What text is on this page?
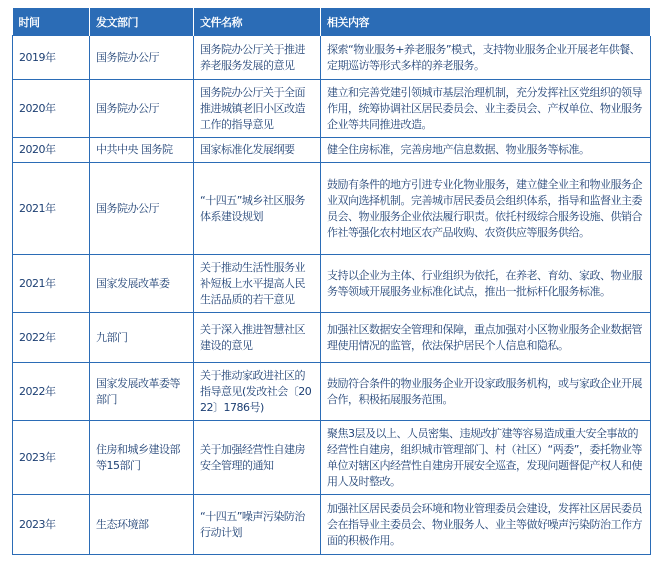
时间	发文部门	文件名称	相关内容
2019年	国务院办公厅	国务院办公厅关于推进养老服务发展的意见	探索“物业服务+养老服务”模式，支持物业服务企业开展老年供餐、定期巡访等形式多样的养老服务。
2020年	国务院办公厅	国务院办公厅关于全面推进城镇老旧小区改造工作的指导意见	建立和完善党建引领城市基层治理机制，充分发挥社区党组织的领导作用，统筹协调社区居民委员会、业主委员会、产权单位、物业服务企业等共同推进改造。
2020年	中共中央 国务院	国家标准化发展纲要	健全住房标准，完善房地产信息数据、物业服务等标准。
2021年	国务院办公厅	“十四五”城乡社区服务体系建设规划	鼓励有条件的地方引进专业化物业服务，建立健全业主和物业服务企业双向选择机制。完善城市居民委员会组织体系，指导和监督业主委员会、物业服务企业依法履行职责。依托村级综合服务设施、供销合作社等强化农村地区农产品收购、农资供应等服务供给。
2021年	国家发展改革委	关于推动生活性服务业补短板上水平提高人民生活品质的若干意见	支持以企业为主体、行业组织为依托，在养老、育幼、家政、物业服务等领域开展服务业标准化试点，推出一批标杆化服务标准。
2022年	九部门	关于深入推进智慧社区建设的意见	加强社区数据安全管理和保障，重点加强对小区物业服务企业数据管理使用情况的监管，依法保护居民个人信息和隐私。
2022年	国家发展改革委等部门	关于推动家政进社区的指导意见(发改社会〔2022〕1786号)	鼓励符合条件的物业服务企业开设家政服务机构，或与家政企业开展合作，积极拓展服务范围。
2023年	住房和城乡建设部等15部门	关于加强经营性自建房安全管理的通知	聚焦3层及以上、人员密集、违规改扩建等容易造成重大安全事故的经营性自建房，组织城市管理部门、村（社区）“两委”，委托物业等单位对辖区内经营性自建房开展安全巡查，发现问题督促产权人和使用人及时整改。
2023年	生态环境部	“十四五”噪声污染防治行动计划	加强社区居民委员会环境和物业管理委员会建设，发挥社区居民委员会在指导业主委员会、物业服务人、业主等做好噪声污染防治工作方面的积极作用。
